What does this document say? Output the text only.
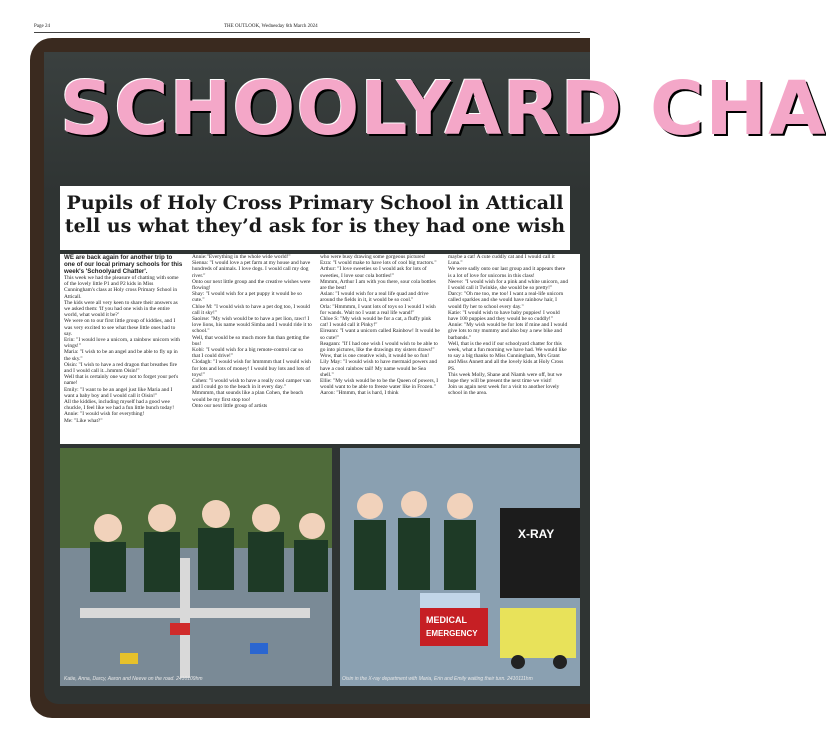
Page 24	THE OUTLOOK, Wednesday 6th March 2024
SCHOOLYARD CHA
Pupils of Holy Cross Primary School in Atticall
tell us what they’d ask for is they had one wish

WE are back again for another trip to one of our local primary schools for this week's 'Schoolyard Chatter'.

This week we had the pleasure of chatting with some of the lovely little P1 and P2 kids in Miss Cunningham's class at Holy cross Primary School in Atticall.

The kids were all very keen to share their answers as we asked them: 'If you had one wish in the entire world, what would it be?'

We were on to our first little group of kiddies, and I was very excited to see what these little ones had to say.

Erin: "I would love a unicorn, a rainbow unicorn with wings!"

Maria: "I wish to be an angel and be able to fly up in the sky."

Oisin: "I wish to have a red dragon that breathes fire and I would call it...hmmm Oisin!"

Well that is certainly one way not to forget your pet's name!

Emily: "I want to be an angel just like Maria and I want a baby boy and I would call it Oisin!"

All the kiddies, including myself had a good wee chuckle, I feel like we had a fun little bunch today!

Annie: "I would wish for everything!

Me: "Like what?"

Annie:"Everything in the whole wide world!"

Sienna: "I would love a pet farm at my house and have hundreds of animals. I love dogs. I would call my dog river."

Onto our next little group and the creative wishes were flowing!

Shay: "I would wish for a pet puppy it would be so cute."

Chloe M: "I would wish to have a pet dog too, I would call it sky!"

Saoirse: "My wish would be to have a pet lion, rawr! I love lions, his name would Simba and I would ride it to school."

Well, that would be so much more fun than getting the bus!

Kobi: "I would wish for a big remote-control car so that I could drive!"

Clodagh: "I would wish for hmmmm that I would wish for lots and lots of money! I would buy lots and lots of toys!"

Cohen: "I would wish to have a really cool camper van and I could go to the beach in it every day."

Mmmmm, that sounds like a plan Cohen, the beach would be my first stop too!

Onto our next little group of artists

who were busy drawing some gorgeous pictures!

Ezra: "I would make to have lots of cool big tractors."

Arthur: "I love sweeties so I would ask for lots of sweeties, I love sour cola bottles!"

Mmmm, Arthur I am with you there, sour cola bottles are the best!

Aslan: "I would wish for a real life quad and drive around the fields in it, it would be so cool."

Orla: "Hmmmm, I want lots of toys so I would I wish for wands. Wait no I want a real life wand!"

Chloe S: "My wish would be for a cat, a fluffy pink cat! I would call it Pinky!"

Eireann: "I want a unicorn called Rainbow! It would be so cute!"

Reagann: "If I had one wish I would wish to be able to go into pictures, like the drawings my sisters draws!"

Wow, that is one creative wish, it would be so fun!

Lily May: "I would wish to have mermaid powers and have a cool rainbow tail! My name would be Sea shell."

Ellie: "My wish would be to be the Queen of powers, I would want to be able to freeze water like in Frozen."

Aaron: "Hmmm, that is hard, I think

maybe a cat! A cute cuddly cat and I would call it Luna."

We were sadly onto our last group and it appears there is a lot of love for unicorns in this class!

Neeve: "I would wish for a pink and white unicorn, and I would call it Twinkle, she would be so pretty!"

Darcy: "Oh me too, me too! I want a real-life unicorn called sparkles and she would have rainbow hair, I would fly her to school every day."

Katie: "I would wish to have baby puppies! I would have 100 puppies and they would be so cuddly!"

Annie: "My wish would be for lots if mine and I would give lots to my mummy and also buy a new bike and barbands."

Well, that is the end if our schoolyard chatter for this week, what a fun morning we have had. We would like to say a big thanks to Miss Cunningham, Mrs Grant and Miss Annett and all the lovely kids at Holy Cross PS.

This week Molly, Shane and Niamh were off, but we hope they will be present the next time we visit!

Join us again next week for a visit to another lovely school in the area.

Katie, Anna, Darcy, Aaron and Neeve on the road. 2410109hm
X-RAY
MEDICAL
EMERGENCY
Oisin in the X-ray department with Maria, Erin and Emily waiting their turn. 2410111hm
